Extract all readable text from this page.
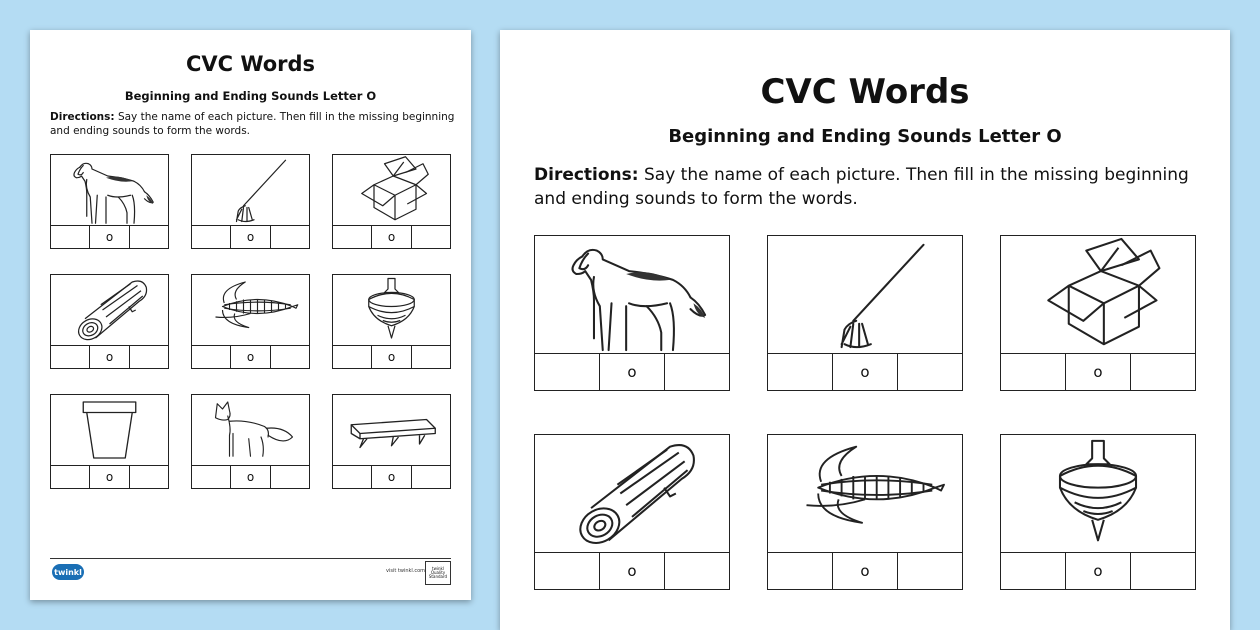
CVC Words
Beginning and Ending Sounds Letter O
Directions: Say the name of each picture. Then fill in the missing beginning and ending sounds to form the words.
o	o	o
o	o	o
o	o	o
twinkl	visit twinkl.com	twinkl Quality Standard
CVC Words
Beginning and Ending Sounds Letter O
Directions: Say the name of each picture. Then fill in the missing beginning and ending sounds to form the words.
o	o	o
o	o	o
